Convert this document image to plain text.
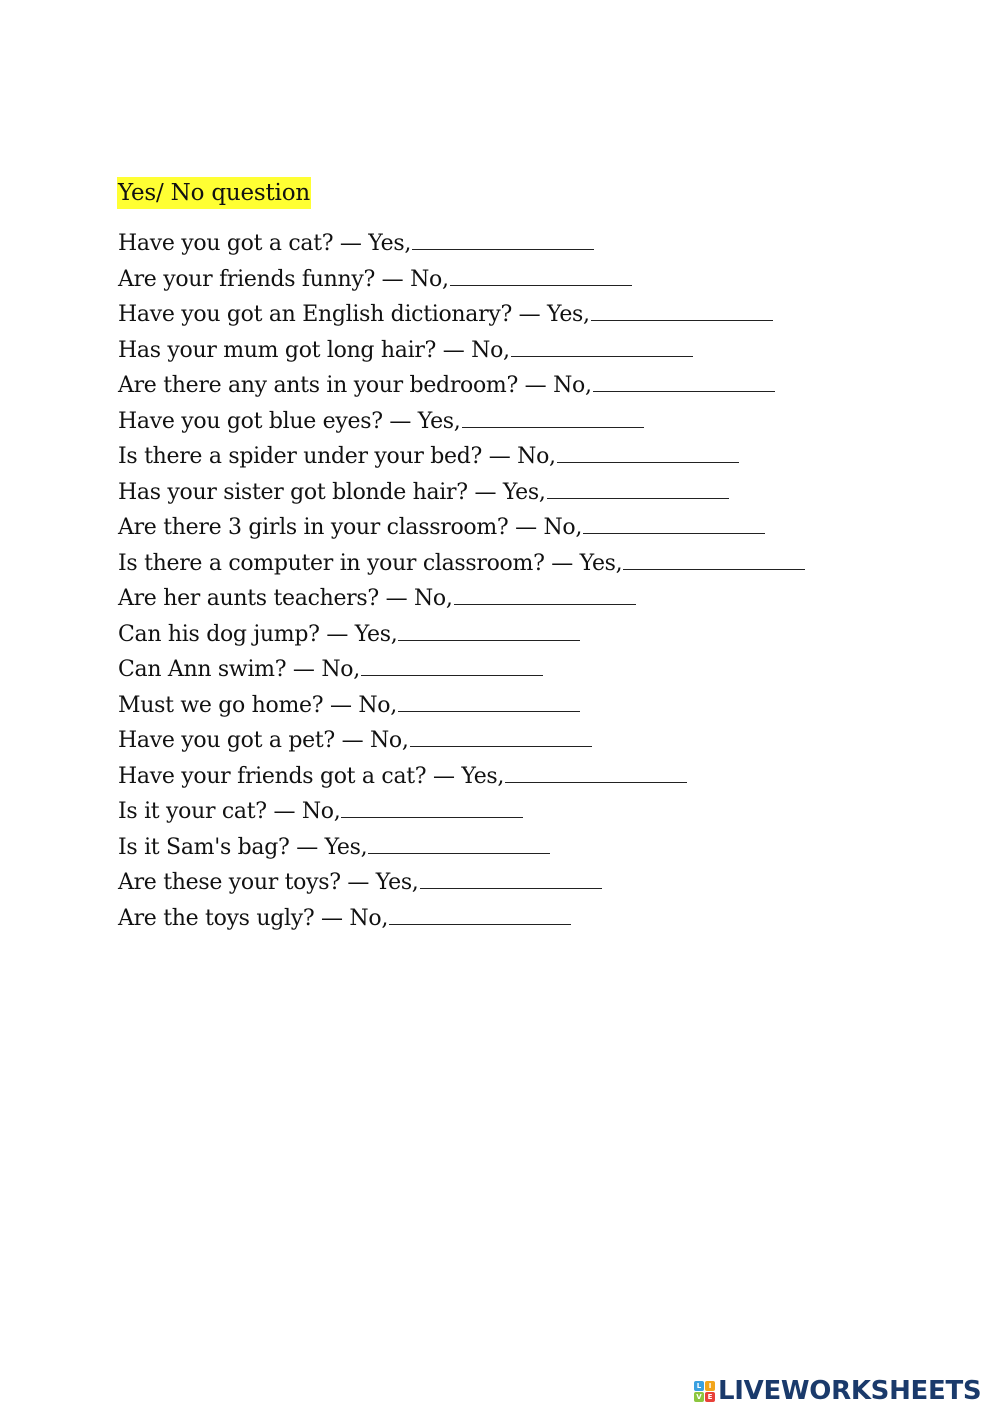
Yes/ No question
Have you got a cat? — Yes,
Are your friends funny? — No,
Have you got an English dictionary? — Yes,
Has your mum got long hair? — No,
Are there any ants in your bedroom? — No,
Have you got blue eyes? — Yes,
Is there a spider under your bed? — No,
Has your sister got blonde hair? — Yes,
Are there 3 girls in your classroom? — No,
Is there a computer in your classroom? — Yes,
Are her aunts teachers? — No,
Can his dog jump? — Yes,
Can Ann swim? — No,
Must we go home? — No,
Have you got a pet? — No,
Have your friends got a cat? — Yes,
Is it your cat? — No,
Is it Sam's bag? — Yes,
Are these your toys? — Yes,
Are the toys ugly? — No,
L	I
V E LIVEWORKSHEETS
